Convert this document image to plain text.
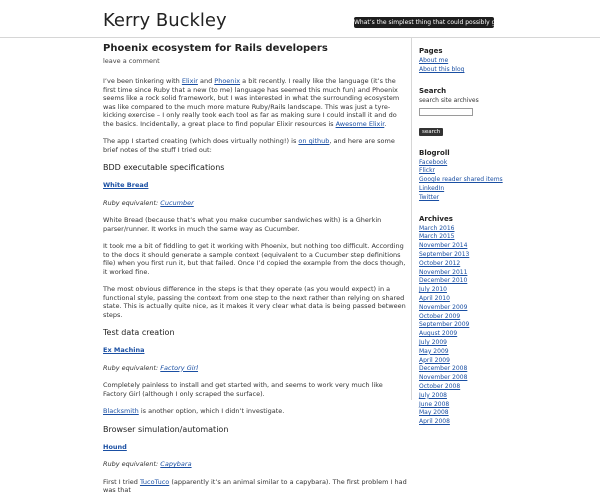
Kerry Buckley	What’s the simplest thing that could possibly go wrong?
Phoenix ecosystem for Rails developers
leave a comment

I’ve been tinkering with Elixir and Phoenix a bit recently. I really like the language (it’s the first time since Ruby that a new (to me) language has seemed this much fun) and Phoenix seems like a rock solid framework, but I was interested in what the surrounding ecosystem was like compared to the much more mature Ruby/Rails landscape. This was just a tyre-kicking exercise – I only really took each tool as far as making sure I could install it and do the basics. Incidentally, a great place to find popular Elixir resources is Awesome Elixir.

The app I started creating (which does virtually nothing!) is on github, and here are some brief notes of the stuff I tried out:

BDD executable specifications

White Bread

Ruby equivalent: Cucumber

White Bread (because that’s what you make cucumber sandwiches with) is a Gherkin parser/runner. It works in much the same way as Cucumber.

It took me a bit of fiddling to get it working with Phoenix, but nothing too difficult. According to the docs it should generate a sample context (equivalent to a Cucumber step definitions file) when you first run it, but that failed. Once I’d copied the example from the docs though, it worked fine.

The most obvious difference in the steps is that they operate (as you would expect) in a functional style, passing the context from one step to the next rather than relying on shared state. This is actually quite nice, as it makes it very clear what data is being passed between steps.

Test data creation

Ex Machina

Ruby equivalent: Factory Girl

Completely painless to install and get started with, and seems to work very much like Factory Girl (although I only scraped the surface).

Blacksmith is another option, which I didn’t investigate.

Browser simulation/automation

Hound

Ruby equivalent: Capybara

First I tried TucoTuco (apparently it’s an animal similar to a capybara). The first problem I had was that

Pages
About me
About this blog
Search
search site archives
search
Blogroll
Facebook
Flickr
Google reader shared items
LinkedIn
Twitter
Archives
March 2016
March 2015
November 2014
September 2013
October 2012
November 2011
December 2010
July 2010
April 2010
November 2009
October 2009
September 2009
August 2009
July 2009
May 2009
April 2009
December 2008
November 2008
October 2008
July 2008
June 2008
May 2008
April 2008
